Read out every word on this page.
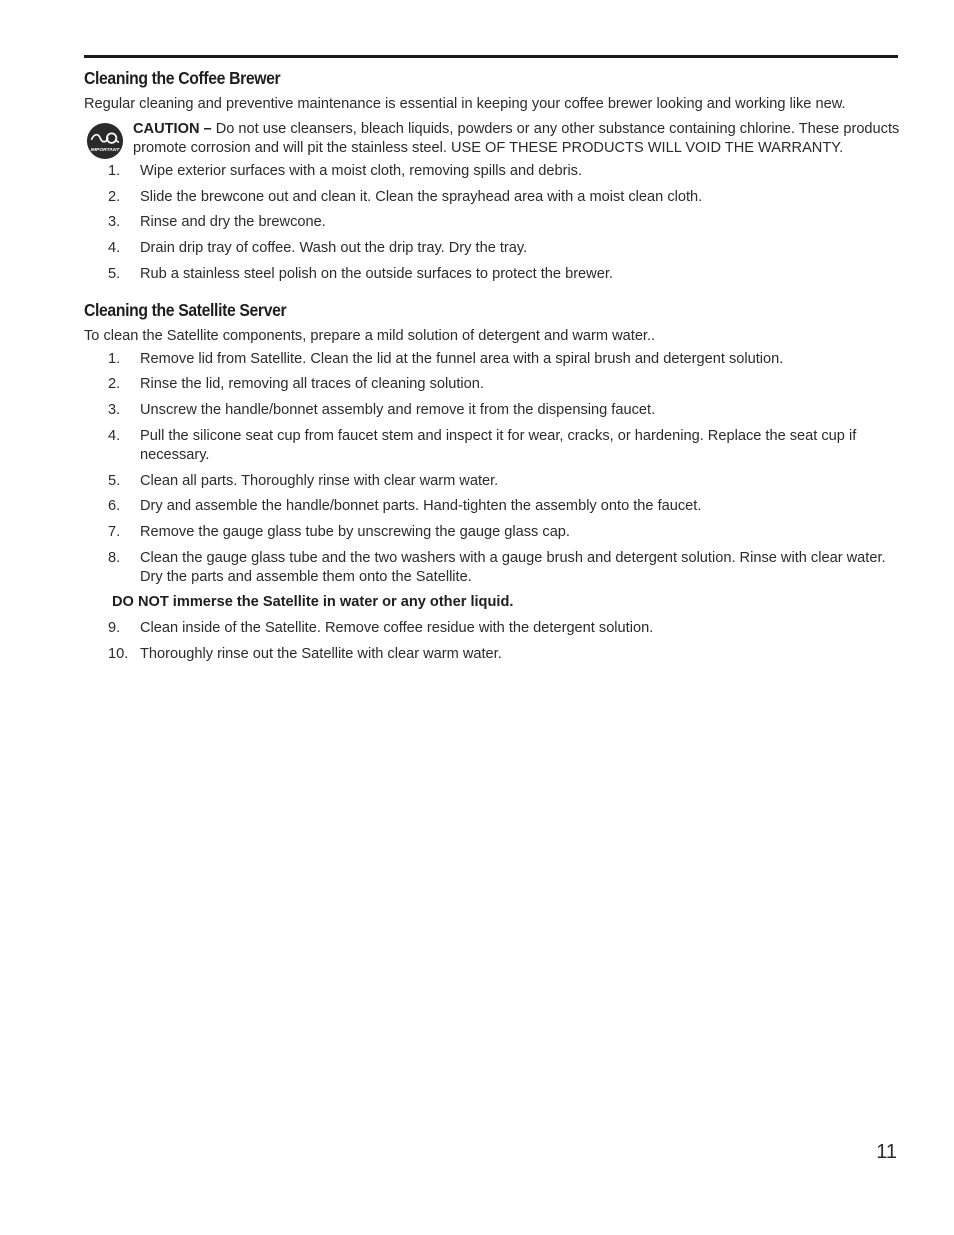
Cleaning the Coffee Brewer

Regular cleaning and preventive maintenance is essential in keeping your coffee brewer looking and working like new.

IMPORTANT
CAUTION – Do not use cleansers, bleach liquids, powders or any other substance containing chlorine. These products promote corrosion and will pit the stainless steel. USE OF THESE PRODUCTS WILL VOID THE WARRANTY.
1.	Wipe exterior surfaces with a moist cloth, removing spills and debris.
2.	Slide the brewcone out and clean it. Clean the sprayhead area with a moist clean cloth.
3.	Rinse and dry the brewcone.
4.	Drain drip tray of coffee. Wash out the drip tray. Dry the tray.
5.	Rub a stainless steel polish on the outside surfaces to protect the brewer.
Cleaning the Satellite Server

To clean the Satellite components, prepare a mild solution of detergent and warm water..

1.	Remove lid from Satellite. Clean the lid at the funnel area with a spiral brush and detergent solution.
2.	Rinse the lid, removing all traces of cleaning solution.
3.	Unscrew the handle/bonnet assembly and remove it from the dispensing faucet.
4.	Pull the silicone seat cup from faucet stem and inspect it for wear, cracks, or hardening. Replace the seat cup if necessary.
5.	Clean all parts. Thoroughly rinse with clear warm water.
6.	Dry and assemble the handle/bonnet parts. Hand-tighten the assembly onto the faucet.
7.	Remove the gauge glass tube by unscrewing the gauge glass cap.
8.	Clean the gauge glass tube and the two washers with a gauge brush and detergent solution. Rinse with clear water. Dry the parts and assemble them onto the Satellite.

DO NOT immerse the Satellite in water or any other liquid.

9.	Clean inside of the Satellite. Remove coffee residue with the detergent solution.
10. Thoroughly rinse out the Satellite with clear warm water.
11
